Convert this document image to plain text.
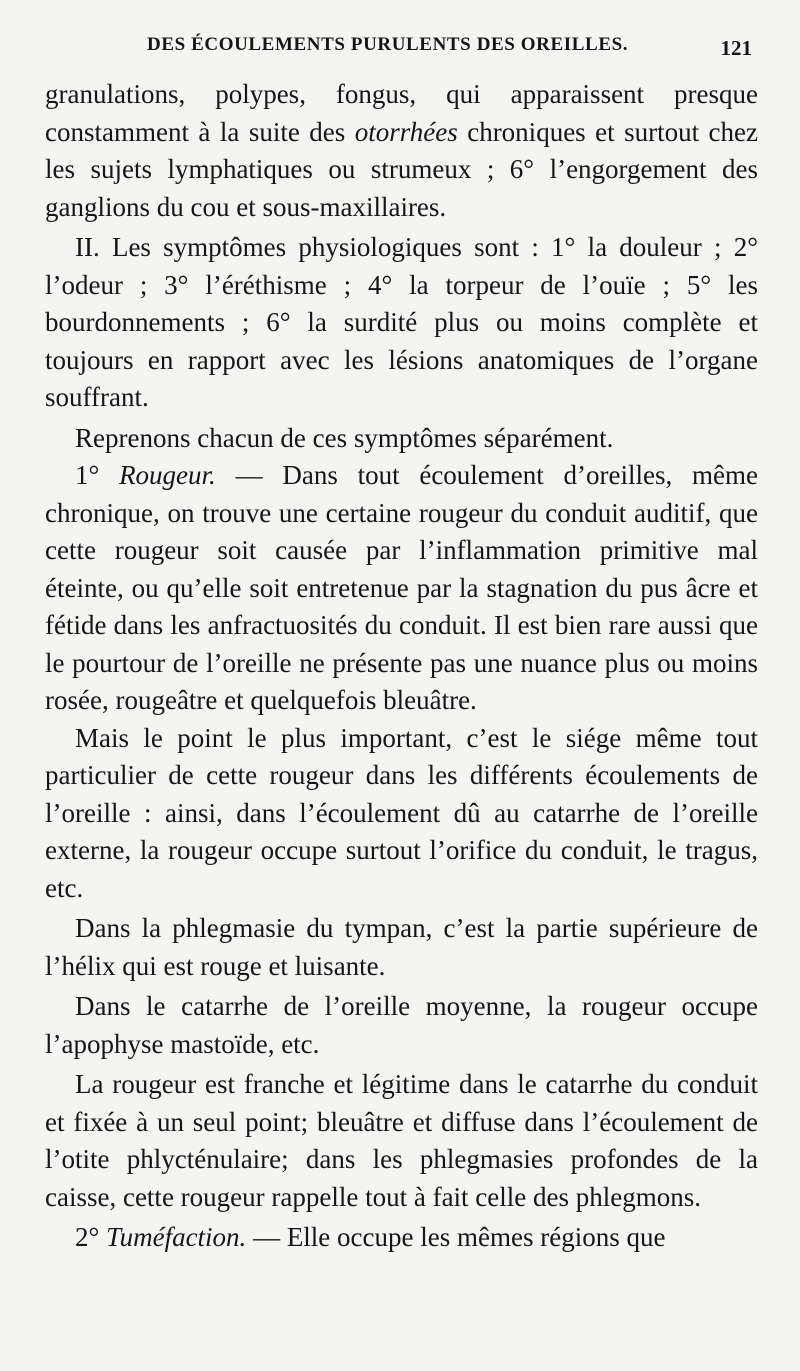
DES ÉCOULEMENTS PURULENTS DES OREILLES.	121

granulations, polypes, fongus, qui apparaissent presque constamment à la suite des otorrhées chroniques et surtout chez les sujets lymphatiques ou strumeux ; 6° l’engorgement des ganglions du cou et sous-maxillaires.

II. Les symptômes physiologiques sont : 1° la douleur ; 2° l’odeur ; 3° l’éréthisme ; 4° la torpeur de l’ouïe ; 5° les bourdonnements ; 6° la surdité plus ou moins complète et toujours en rapport avec les lésions anatomiques de l’organe souffrant.

Reprenons chacun de ces symptômes séparément.

1° Rougeur. — Dans tout écoulement d’oreilles, même chronique, on trouve une certaine rougeur du conduit auditif, que cette rougeur soit causée par l’inflammation primitive mal éteinte, ou qu’elle soit entretenue par la stagnation du pus âcre et fétide dans les anfractuosités du conduit. Il est bien rare aussi que le pourtour de l’oreille ne présente pas une nuance plus ou moins rosée, rougeâtre et quelquefois bleuâtre.

Mais le point le plus important, c’est le siége même tout particulier de cette rougeur dans les différents écoulements de l’oreille : ainsi, dans l’écoulement dû au catarrhe de l’oreille externe, la rougeur occupe surtout l’orifice du conduit, le tragus, etc.

Dans la phlegmasie du tympan, c’est la partie supérieure de l’hélix qui est rouge et luisante.

Dans le catarrhe de l’oreille moyenne, la rougeur occupe l’apophyse mastoïde, etc.

La rougeur est franche et légitime dans le catarrhe du conduit et fixée à un seul point; bleuâtre et diffuse dans l’écoulement de l’otite phlycténulaire; dans les phlegmasies profondes de la caisse, cette rougeur rappelle tout à fait celle des phlegmons.

2° Tuméfaction. — Elle occupe les mêmes régions que
